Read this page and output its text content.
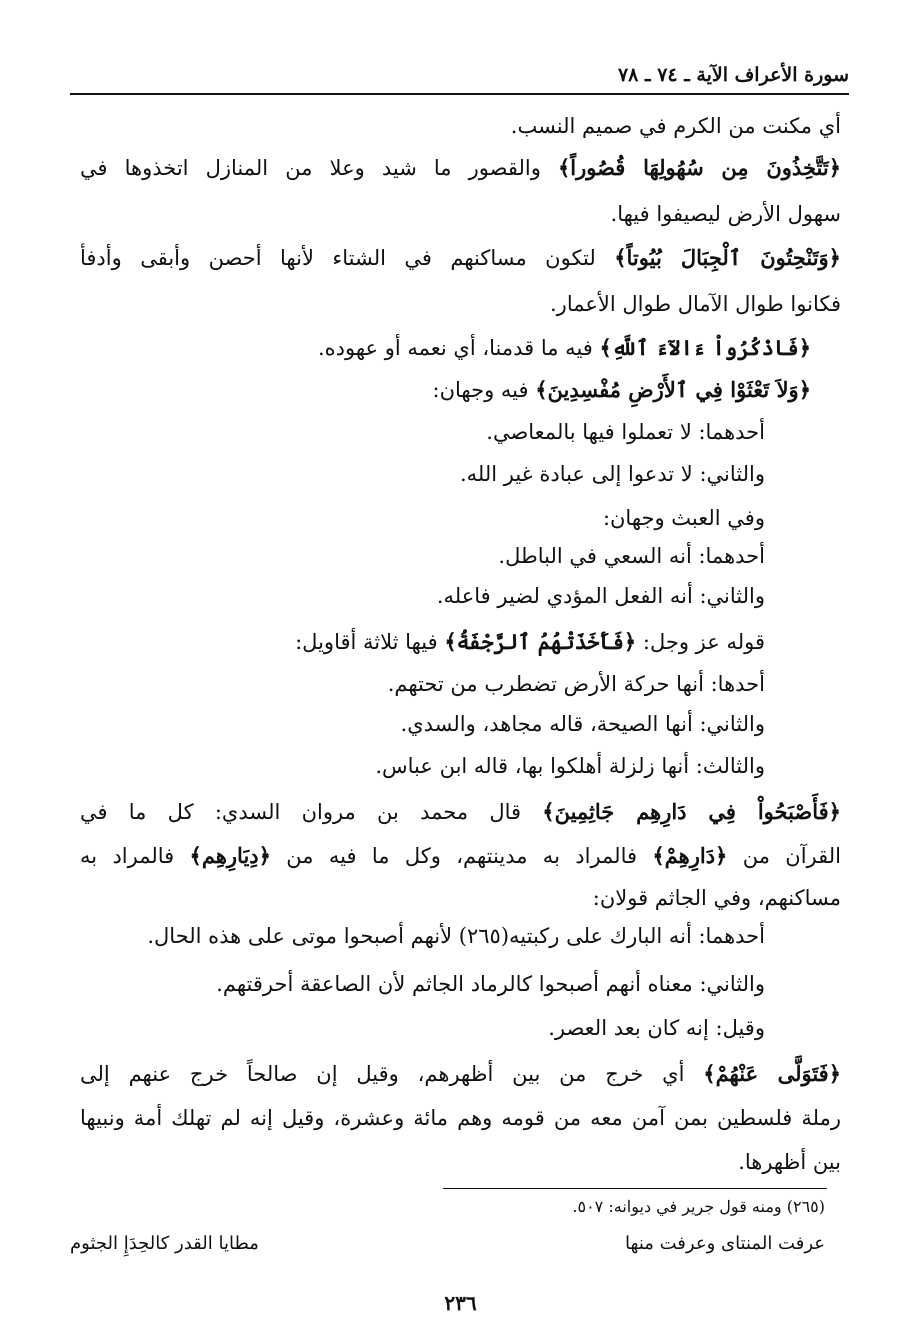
سورة الأعراف الآية ـ ٧٤ ـ ٧٨
أي مكنت من الكرم في صميم النسب.
﴿تَتَّخِذُونَ مِن سُهُولِهَا قُصُوراً﴾ والقصور ما شيد وعلا من المنازل اتخذوها في
سهول الأرض ليصيفوا فيها.
﴿وَتَنْحِتُونَ ٱلْجِبَالَ بُيُوتاً﴾ لتكون مساكنهم في الشتاء لأنها أحصن وأبقى وأدفأ
فكانوا طوال الآمال طوال الأعمار.
﴿فَاذْكُرُواْ ءَالآءَ ٱللَّهِ﴾ فيه ما قدمنا، أي نعمه أو عهوده.
﴿وَلاَ تَعْثَوْا فِي ٱلأَرْضِ مُفْسِدِينَ﴾ فيه وجهان:
أحدهما: لا تعملوا فيها بالمعاصي.
والثاني: لا تدعوا إلى عبادة غير الله.
وفي العبث وجهان:
أحدهما: أنه السعي في الباطل.
والثاني: أنه الفعل المؤدي لضير فاعله.
قوله عز وجل: ﴿فَأَخَذَتْهُمُ ٱلرَّجْفَةُ﴾ فيها ثلاثة أقاويل:
أحدها: أنها حركة الأرض تضطرب من تحتهم.
والثاني: أنها الصيحة، قاله مجاهد، والسدي.
والثالث: أنها زلزلة أهلكوا بها، قاله ابن عباس.
﴿فَأَصْبَحُواْ فِي دَارِهِم جَاثِمِينَ﴾ قال محمد بن مروان السدي: كل ما في
القرآن من ﴿دَارِهِمْ﴾ فالمراد به مدينتهم، وكل ما فيه من ﴿دِيَارِهِم﴾ فالمراد به
مساكنهم، وفي الجاثم قولان:
أحدهما: أنه البارك على ركبتيه(٢٦٥) لأنهم أصبحوا موتى على هذه الحال.
والثاني: معناه أنهم أصبحوا كالرماد الجاثم لأن الصاعقة أحرقتهم.
وقيل: إنه كان بعد العصر.
﴿فَتَوَلَّى عَنْهُمْ﴾ أي خرج من بين أظهرهم، وقيل إن صالحاً خرج عنهم إلى
رملة فلسطين بمن آمن معه من قومه وهم مائة وعشرة، وقيل إنه لم تهلك أمة ونبيها
بين أظهرها.
(٢٦٥) ومنه قول جرير في ديوانه: ٥٠٧.
عرفت المنتاى وعرفت منها
مطايا القدر كالحِدَإِ الجثوم
٢٣٦
